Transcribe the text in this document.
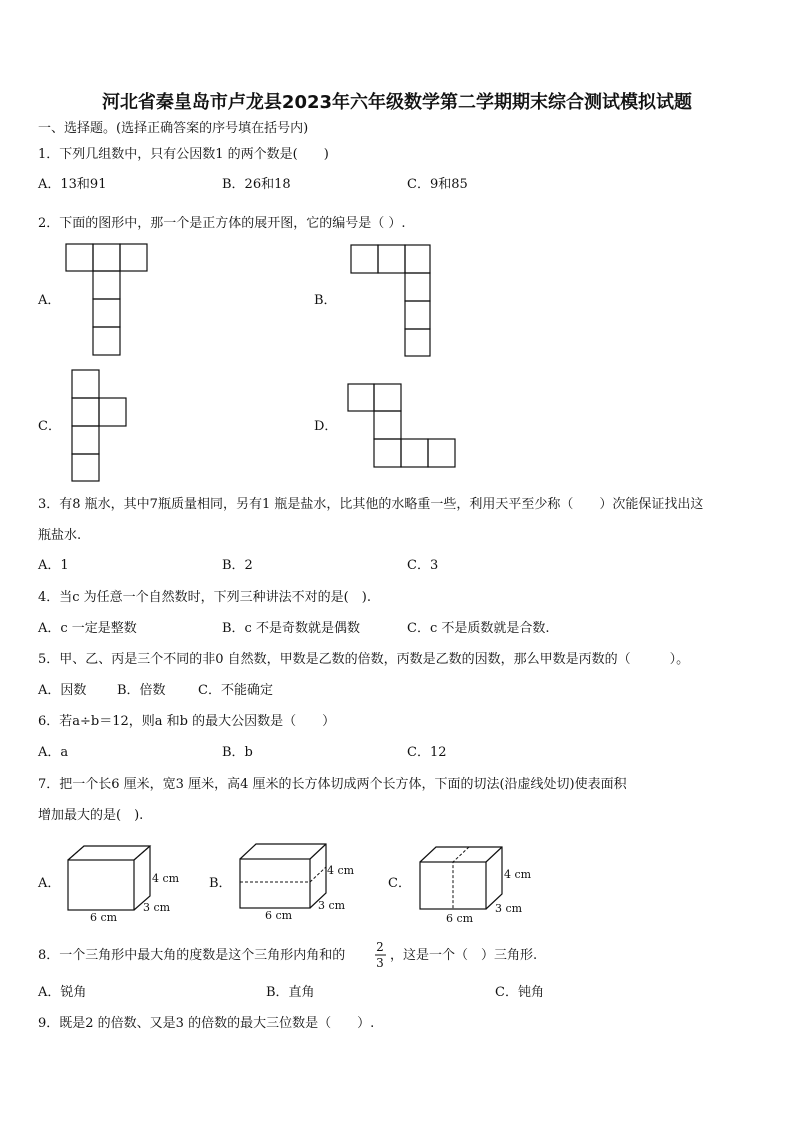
河北省秦皇岛市卢龙县2023年六年级数学第二学期期末综合测试模拟试题
一、选择题。(选择正确答案的序号填在括号内)
1．下列几组数中，只有公因数1 的两个数是(　　)
A．13和91	B．26和18	C．9和85
2．下面的图形中，那一个是正方体的展开图，它的编号是（ ）.
A．	B．
C．	D．
3．有8 瓶水，其中7瓶质量相同，另有1 瓶是盐水，比其他的水略重一些，利用天平至少称（　　）次能保证找出这
瓶盐水.
A．1	B．2	C．3
4．当c 为任意一个自然数时，下列三种讲法不对的是(　).
A．c 一定是整数	B．c 不是奇数就是偶数	C．c 不是质数就是合数.
5．甲、乙、丙是三个不同的非0 自然数，甲数是乙数的倍数，丙数是乙数的因数，那么甲数是丙数的（　　　）。
A．因数 B．倍数 C．不能确定
6．若a÷b＝12，则a 和b 的最大公因数是（　　）
A．a	B．b	C．12
7．把一个长6 厘米，宽3 厘米，高4 厘米的长方体切成两个长方体，下面的切法(沿虚线处切)使表面积
增加最大的是(　).
A．	B．	C．
4 cm
3 cm
6 cm
4 cm
3 cm
6 cm
4 cm
3 cm
6 cm
8．一个三角形中最大角的度数是这个三角形内角和的
2
3 ，这是一个（　）三角形.
A．锐角	B．直角	C．钝角
9．既是2 的倍数、又是3 的倍数的最大三位数是（　　）.
